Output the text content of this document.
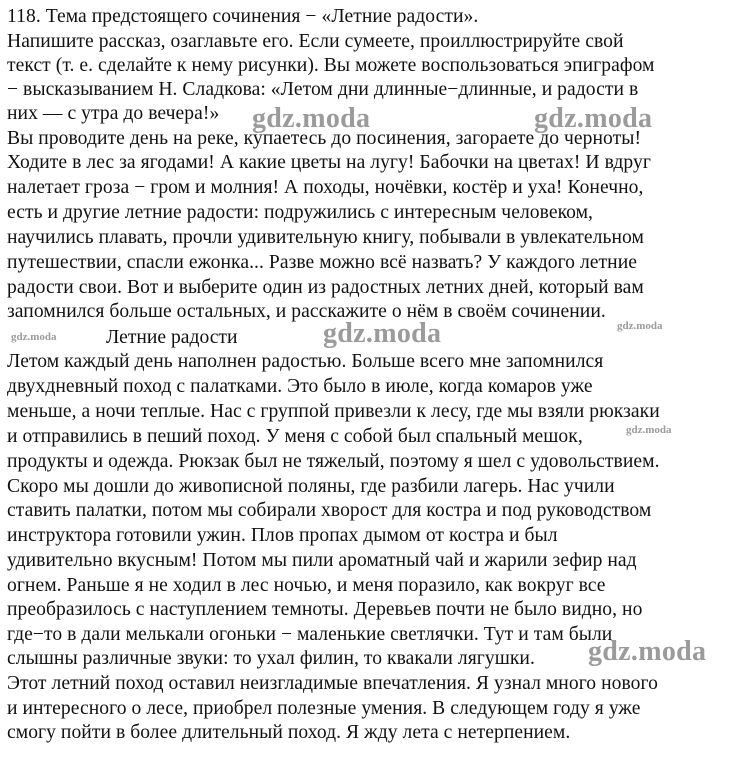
118. Тема предстоящего сочинения − «Летние радости».
Напишите рассказ, озаглавьте его. Если сумеете, проиллюстрируйте свой
текст (т. е. сделайте к нему рисунки). Вы можете воспользоваться эпиграфом
− высказыванием Н. Сладкова: «Летом дни длинные−длинные, и радости в
них — с утра до вечера!»
Вы проводите день на реке, купаетесь до посинения, загораете до черноты!
Ходите в лес за ягодами! А какие цветы на лугу! Бабочки на цветах! И вдруг
налетает гроза − гром и молния! А походы, ночёвки, костёр и уха! Конечно,
есть и другие летние радости: подружились с интересным человеком,
научились плавать, прочли удивительную книгу, побывали в увлекательном
путешествии, спасли ежонка... Разве можно всё назвать? У каждого летние
радости свои. Вот и выберите один из радостных летних дней, который вам
запомнился больше остальных, и расскажите о нём в своём сочинении.
Летние радости
Летом каждый день наполнен радостью. Больше всего мне запомнился
двухдневный поход с палатками. Это было в июле, когда комаров уже
меньше, а ночи теплые. Нас с группой привезли к лесу, где мы взяли рюкзаки
и отправились в пеший поход. У меня с собой был спальный мешок,
продукты и одежда. Рюкзак был не тяжелый, поэтому я шел с удовольствием.
Скоро мы дошли до живописной поляны, где разбили лагерь. Нас учили
ставить палатки, потом мы собирали хворост для костра и под руководством
инструктора готовили ужин. Плов пропах дымом от костра и был
удивительно вкусным! Потом мы пили ароматный чай и жарили зефир над
огнем. Раньше я не ходил в лес ночью, и меня поразило, как вокруг все
преобразилось с наступлением темноты. Деревьев почти не было видно, но
где−то в дали мелькали огоньки − маленькие светлячки. Тут и там были
слышны различные звуки: то ухал филин, то квакали лягушки.
Этот летний поход оставил неизгладимые впечатления. Я узнал много нового
и интересного о лесе, приобрел полезные умения. В следующем году я уже
смогу пойти в более длительный поход. Я жду лета с нетерпением.
gdz.moda	gdz.moda
gdz.moda	gdz.moda	gdz.moda
gdz.moda
gdz.moda
